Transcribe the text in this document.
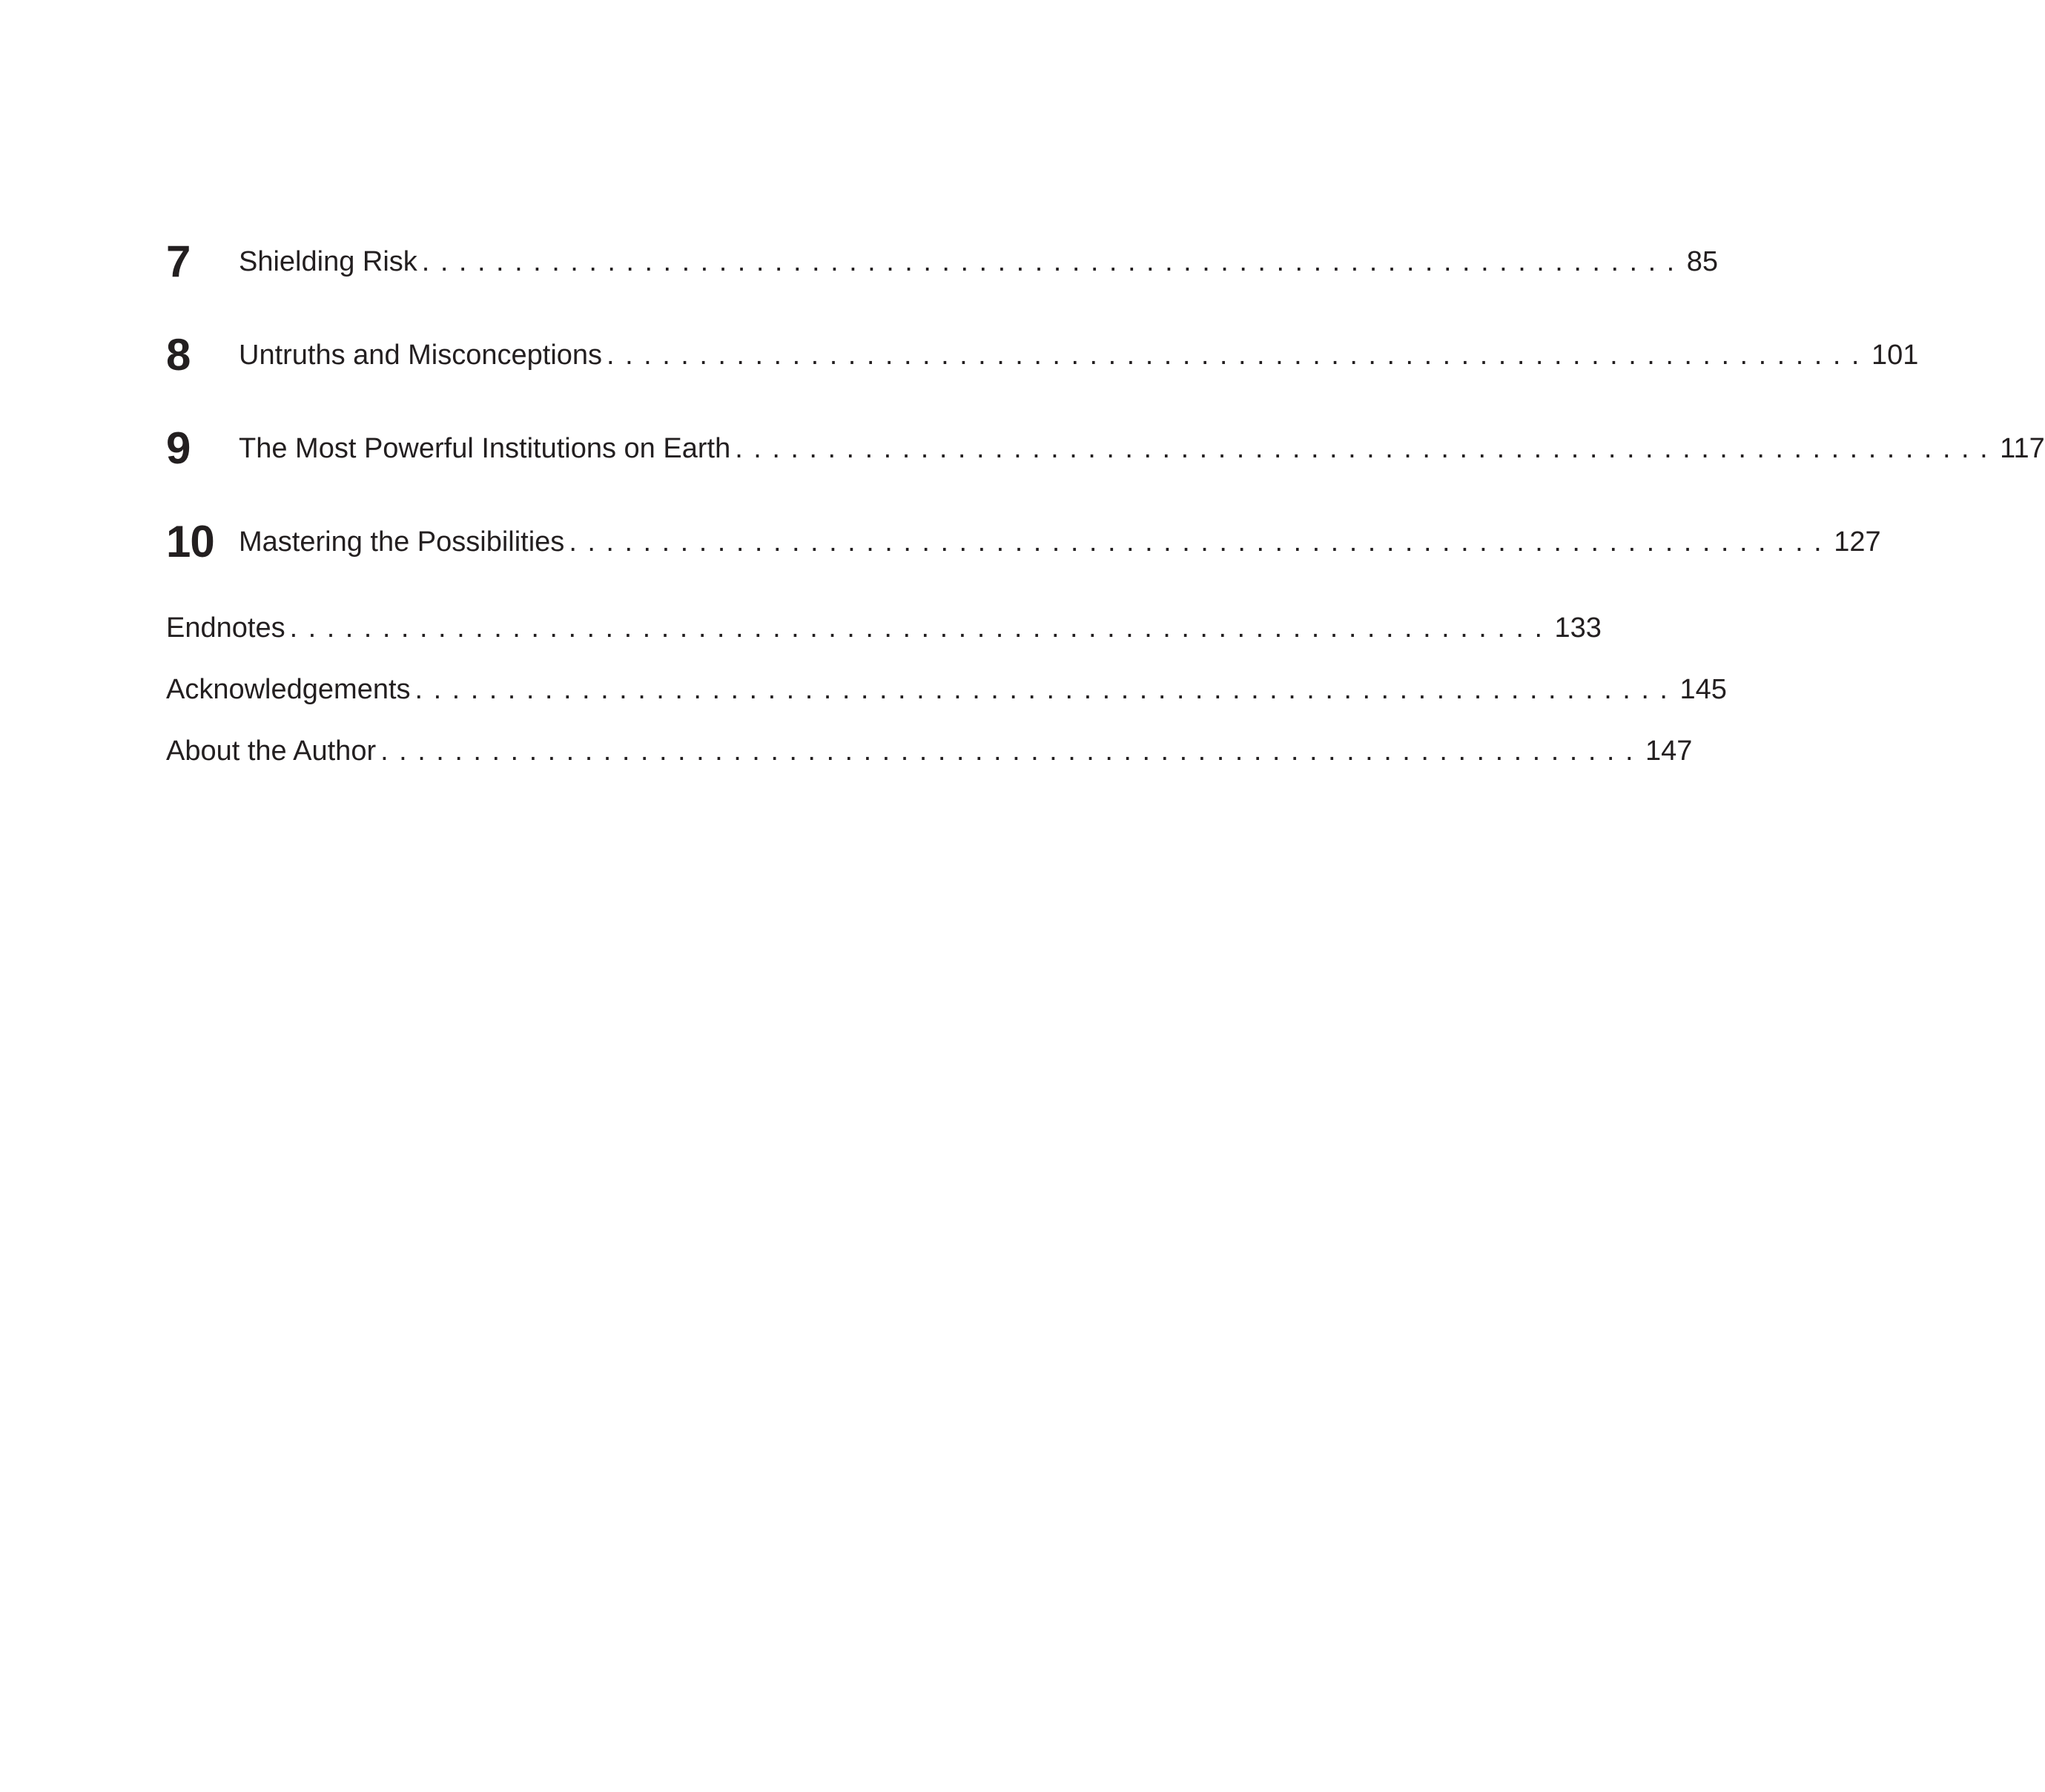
7 Shielding Risk .................................................................... 85
8 Untruths and Misconceptions .................................................................... 101
9 The Most Powerful Institutions on Earth .................................................................... 117
10 Mastering the Possibilities .................................................................... 127
Endnotes .................................................................... 133
Acknowledgements .................................................................... 145
About the Author .................................................................... 147
